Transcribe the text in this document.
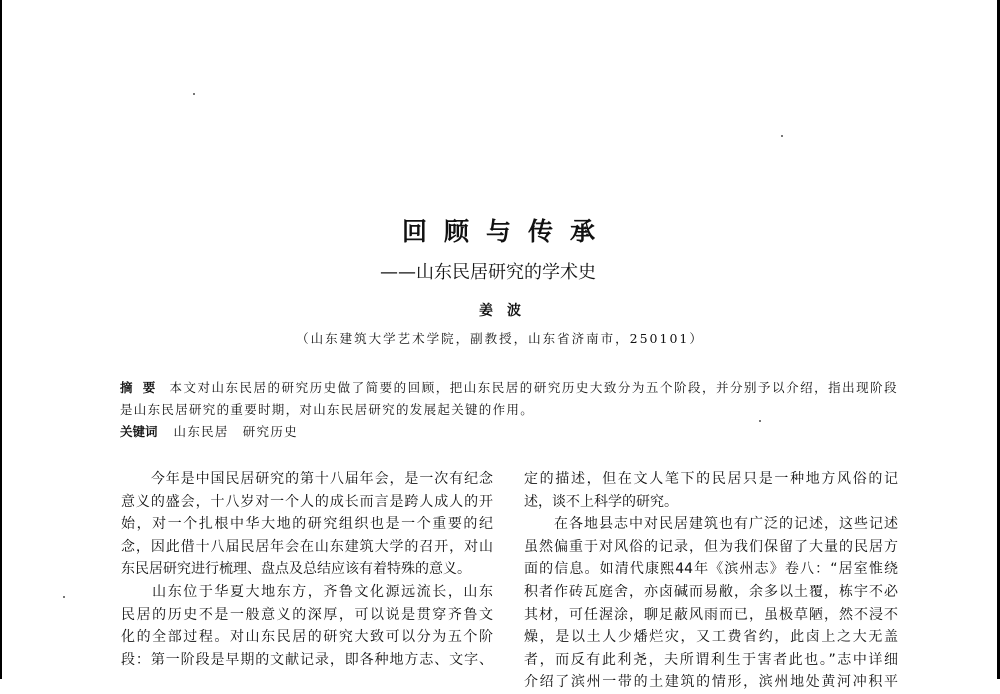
回顾与传承
——山东民居研究的学术史
姜波
（山东建筑大学艺术学院，副教授，山东省济南市，250101）
摘要 本文对山东民居的研究历史做了简要的回顾，把山东民居的研究历史大致分为五个阶段，并分别予以介绍，指出现阶段是山东民居研究的重要时期，对山东民居研究的发展起关键的作用。
关键词 山东民居 研究历史
　　今年是中国民居研究的第十八届年会，是一次有纪念
意义的盛会，十八岁对一个人的成长而言是跨人成人的开
始，对一个扎根中华大地的研究组织也是一个重要的纪
念，因此借十八届民居年会在山东建筑大学的召开，对山
东民居研究进行梳理、盘点及总结应该有着特殊的意义。
　　山东位于华夏大地东方，齐鲁文化源远流长，山东
民居的历史不是一般意义的深厚，可以说是贯穿齐鲁文
化的全部过程。对山东民居的研究大致可以分为五个阶
段：第一阶段是早期的文献记录，即各种地方志、文字、
定的描述，但在文人笔下的民居只是一种地方风俗的记
述，谈不上科学的研究。
　　在各地县志中对民居建筑也有广泛的记述，这些记述
虽然偏重于对风俗的记录，但为我们保留了大量的民居方
面的信息。如清代康熙44年《滨州志》卷八：“居室惟绕
积者作砖瓦庭舍，亦卤碱而易敝，余多以土覆，栋宇不必
其材，可任渥涂，聊足蔽风雨而已，虽极草陋，然不浸不
燥，是以土人少燔烂灾，又工费省约，此卤上之大无盖
者，而反有此利尧，夫所谓利生于害者此也。”志中详细
介绍了滨州一带的土建筑的情形，滨州地处黄河冲积平
